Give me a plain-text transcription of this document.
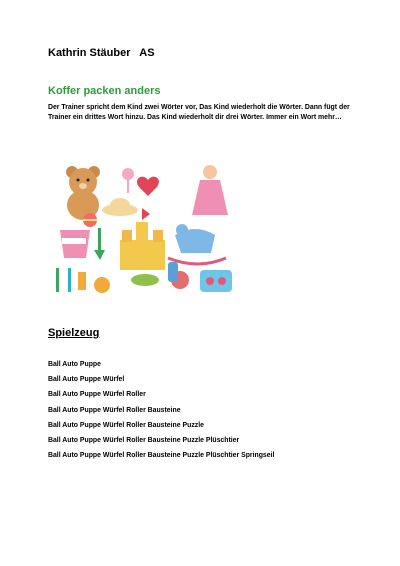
Kathrin Stäuber   AS
Koffer packen anders
Der Trainer spricht dem Kind zwei Wörter vor, Das Kind wiederholt die Wörter. Dann fügt der Trainer ein drittes Wort hinzu. Das Kind wiederholt dir drei Wörter. Immer ein Wort mehr…
Spielzeug
Ball Auto Puppe
Ball Auto Puppe Würfel
Ball Auto Puppe Würfel Roller
Ball Auto Puppe Würfel Roller Bausteine
Ball Auto Puppe Würfel Roller Bausteine Puzzle
Ball Auto Puppe Würfel Roller Bausteine Puzzle Plüschtier
Ball Auto Puppe Würfel Roller Bausteine Puzzle Plüschtier Springseil
